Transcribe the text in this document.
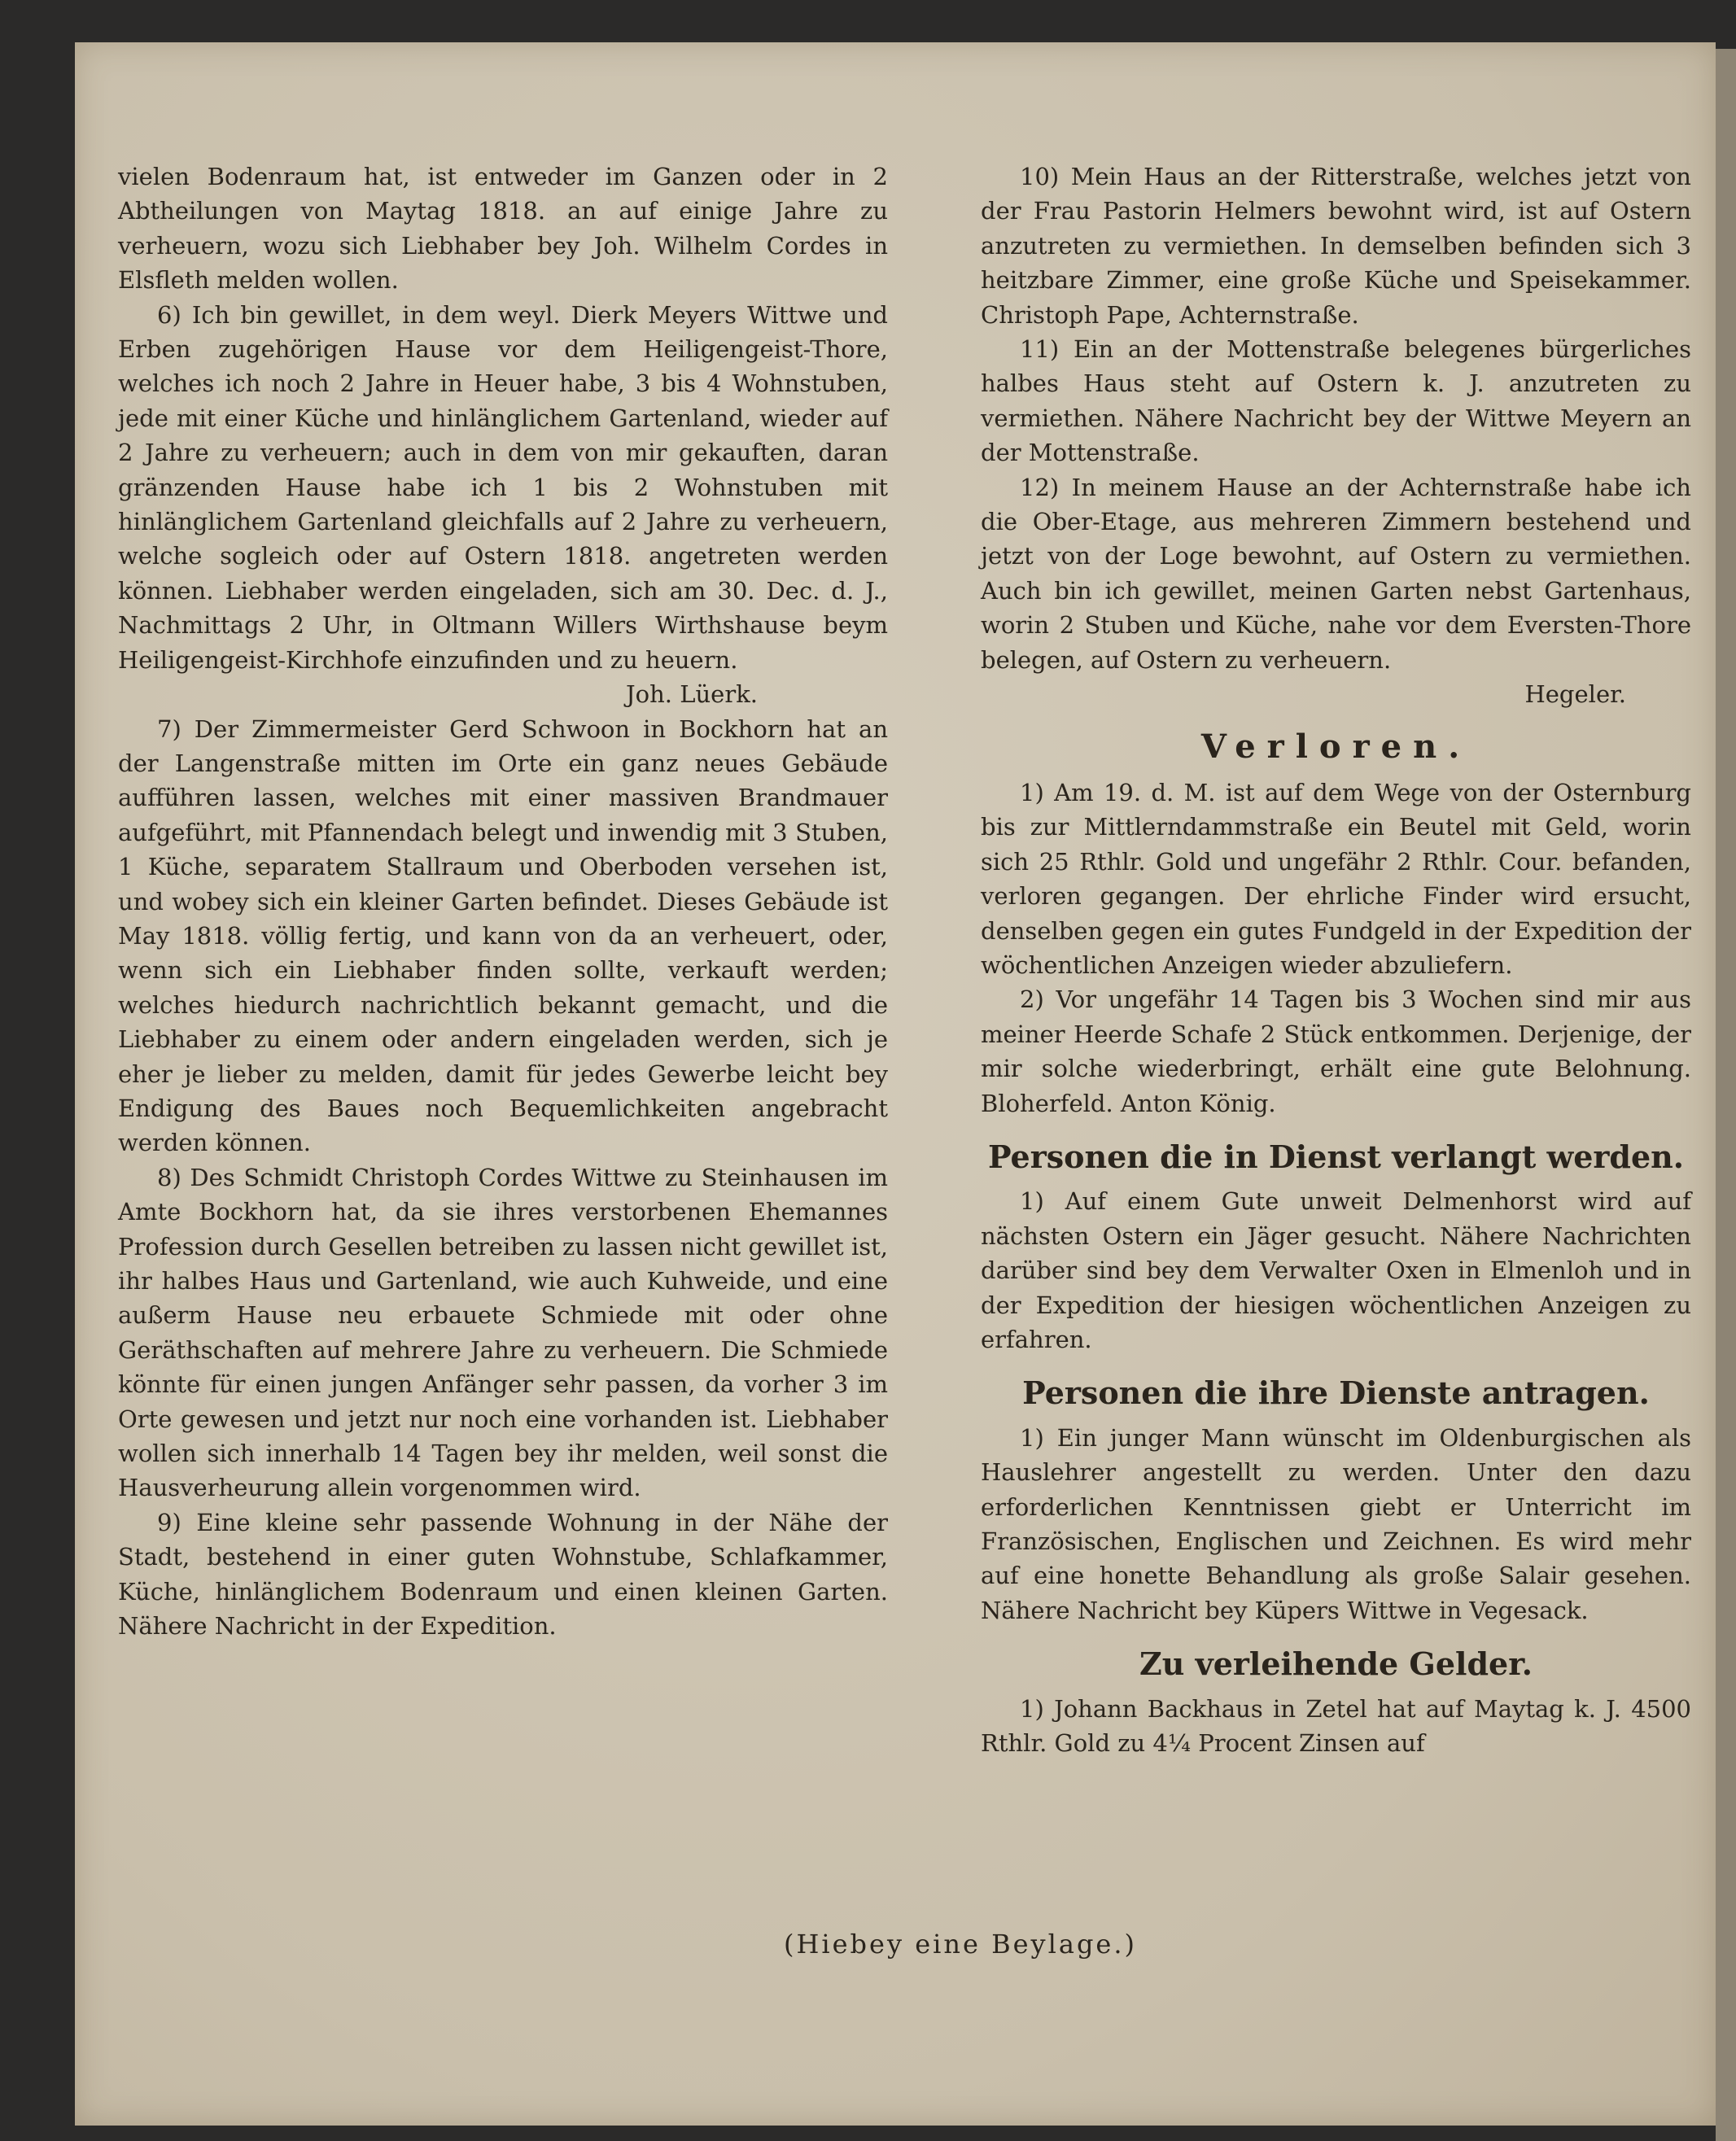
vielen Bodenraum hat, ist entweder im Ganzen oder in 2 Abtheilungen von Maytag 1818. an auf einige Jahre zu verheuern, wozu sich Liebhaber bey Joh. Wilhelm Cordes in Elsfleth melden wollen.

6) Ich bin gewillet, in dem weyl. Dierk Meyers Wittwe und Erben zugehörigen Hause vor dem Heiligengeist-Thore, welches ich noch 2 Jahre in Heuer habe, 3 bis 4 Wohnstuben, jede mit einer Küche und hinlänglichem Gartenland, wieder auf 2 Jahre zu verheuern; auch in dem von mir gekauften, daran gränzenden Hause habe ich 1 bis 2 Wohnstuben mit hinlänglichem Gartenland gleichfalls auf 2 Jahre zu verheuern, welche sogleich oder auf Ostern 1818. angetreten werden können. Liebhaber werden eingeladen, sich am 30. Dec. d. J., Nachmittags 2 Uhr, in Oltmann Willers Wirthshause beym Heiligengeist-Kirchhofe einzufinden und zu heuern.

Joh. Lüerk.

7) Der Zimmermeister Gerd Schwoon in Bockhorn hat an der Langenstraße mitten im Orte ein ganz neues Gebäude aufführen lassen, welches mit einer massiven Brandmauer aufgeführt, mit Pfannendach belegt und inwendig mit 3 Stuben, 1 Küche, separatem Stallraum und Oberboden versehen ist, und wobey sich ein kleiner Garten befindet. Dieses Gebäude ist May 1818. völlig fertig, und kann von da an verheuert, oder, wenn sich ein Liebhaber finden sollte, verkauft werden; welches hiedurch nachrichtlich bekannt gemacht, und die Liebhaber zu einem oder andern eingeladen werden, sich je eher je lieber zu melden, damit für jedes Gewerbe leicht bey Endigung des Baues noch Bequemlichkeiten angebracht werden können.

8) Des Schmidt Christoph Cordes Wittwe zu Steinhausen im Amte Bockhorn hat, da sie ihres verstorbenen Ehemannes Profession durch Gesellen betreiben zu lassen nicht gewillet ist, ihr halbes Haus und Gartenland, wie auch Kuhweide, und eine außerm Hause neu erbauete Schmiede mit oder ohne Geräthschaften auf mehrere Jahre zu verheuern. Die Schmiede könnte für einen jungen Anfänger sehr passen, da vorher 3 im Orte gewesen und jetzt nur noch eine vorhanden ist. Liebhaber wollen sich innerhalb 14 Tagen bey ihr melden, weil sonst die Hausverheurung allein vorgenommen wird.

9) Eine kleine sehr passende Wohnung in der Nähe der Stadt, bestehend in einer guten Wohnstube, Schlafkammer, Küche, hinlänglichem Bodenraum und einen kleinen Garten. Nähere Nachricht in der Expedition.

10) Mein Haus an der Ritterstraße, welches jetzt von der Frau Pastorin Helmers bewohnt wird, ist auf Ostern anzutreten zu vermiethen. In demselben befinden sich 3 heitzbare Zimmer, eine große Küche und Speisekammer. Christoph Pape, Achternstraße.

11) Ein an der Mottenstraße belegenes bürgerliches halbes Haus steht auf Ostern k. J. anzutreten zu vermiethen. Nähere Nachricht bey der Wittwe Meyern an der Mottenstraße.

12) In meinem Hause an der Achternstraße habe ich die Ober-Etage, aus mehreren Zimmern bestehend und jetzt von der Loge bewohnt, auf Ostern zu vermiethen. Auch bin ich gewillet, meinen Garten nebst Gartenhaus, worin 2 Stuben und Küche, nahe vor dem Eversten-Thore belegen, auf Ostern zu verheuern.

Hegeler.

Verloren.

1) Am 19. d. M. ist auf dem Wege von der Osternburg bis zur Mittlerndammstraße ein Beutel mit Geld, worin sich 25 Rthlr. Gold und ungefähr 2 Rthlr. Cour. befanden, verloren gegangen. Der ehrliche Finder wird ersucht, denselben gegen ein gutes Fundgeld in der Expedition der wöchentlichen Anzeigen wieder abzuliefern.

2) Vor ungefähr 14 Tagen bis 3 Wochen sind mir aus meiner Heerde Schafe 2 Stück entkommen. Derjenige, der mir solche wiederbringt, erhält eine gute Belohnung. Bloherfeld. Anton König.

Personen die in Dienst verlangt werden.

1) Auf einem Gute unweit Delmenhorst wird auf nächsten Ostern ein Jäger gesucht. Nähere Nachrichten darüber sind bey dem Verwalter Oxen in Elmenloh und in der Expedition der hiesigen wöchentlichen Anzeigen zu erfahren.

Personen die ihre Dienste antragen.

1) Ein junger Mann wünscht im Oldenburgischen als Hauslehrer angestellt zu werden. Unter den dazu erforderlichen Kenntnissen giebt er Unterricht im Französischen, Englischen und Zeichnen. Es wird mehr auf eine honette Behandlung als große Salair gesehen. Nähere Nachricht bey Küpers Wittwe in Vegesack.

Zu verleihende Gelder.

1) Johann Backhaus in Zetel hat auf Maytag k. J. 4500 Rthlr. Gold zu 4¼ Procent Zinsen auf

(Hiebey eine Beylage.)
